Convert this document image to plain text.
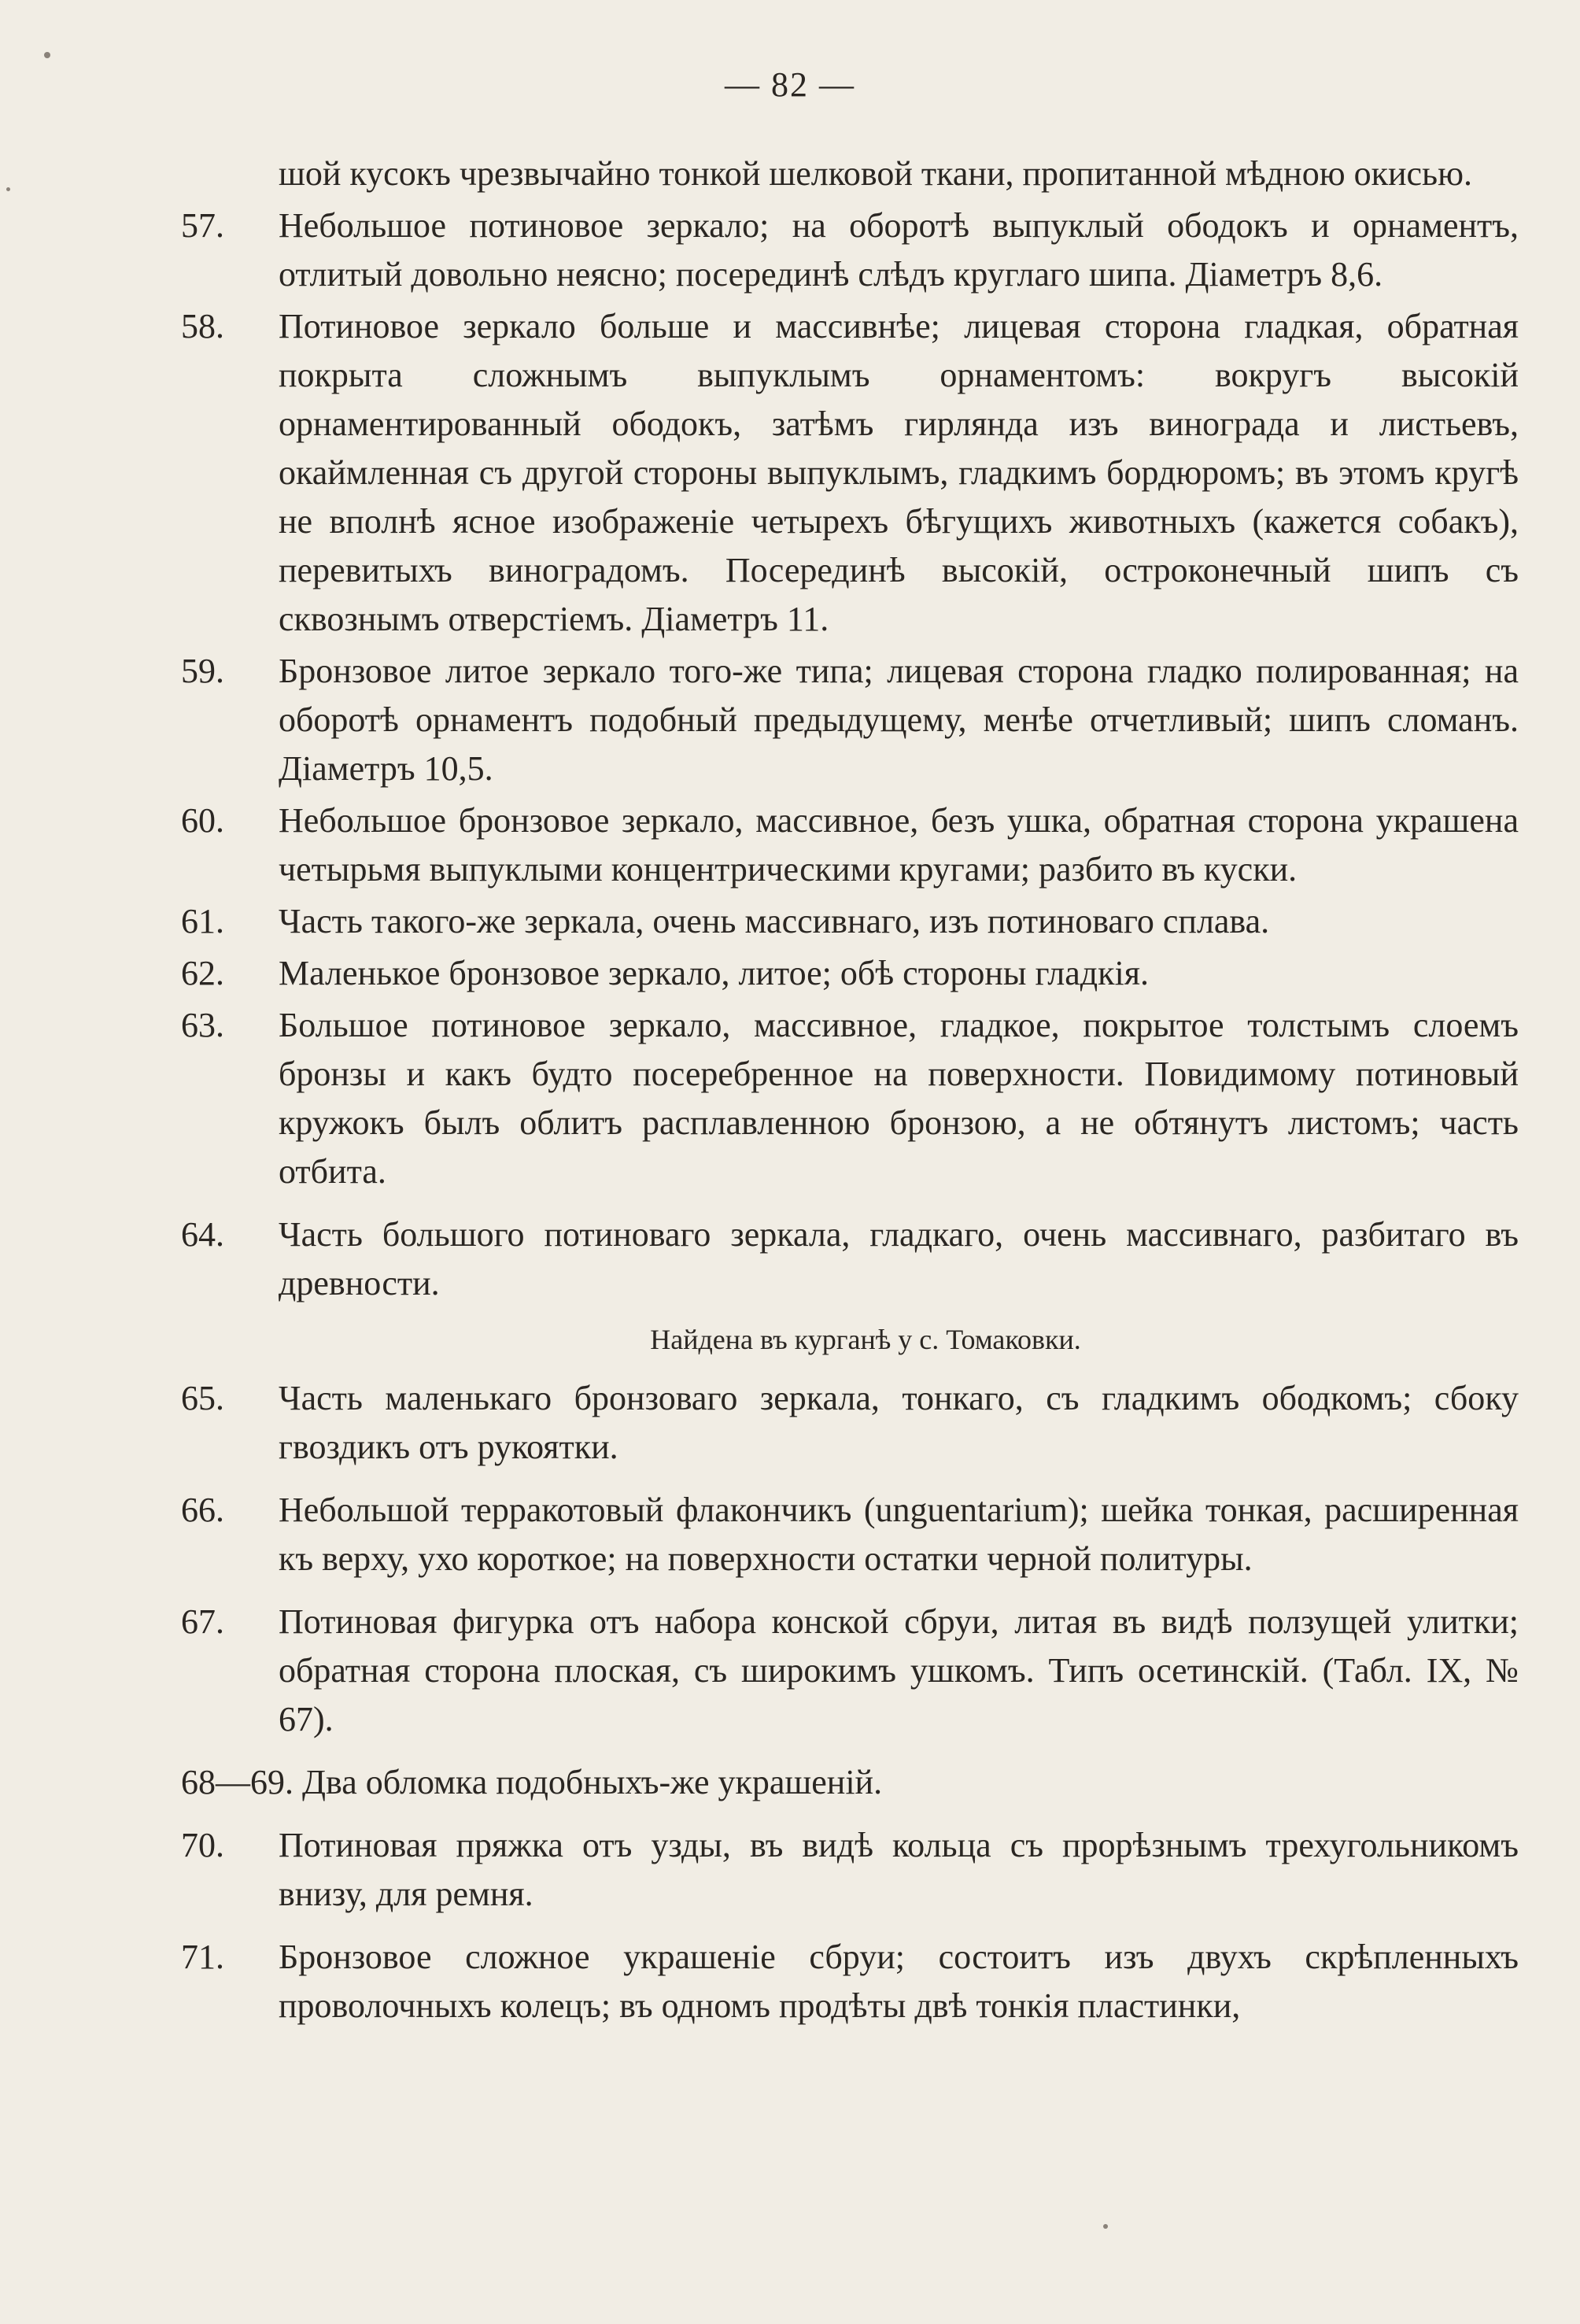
— 82 —

шой кусокъ чрезвычайно тонкой шелковой ткани, пропитанной мѣдною окисью.

57.	Небольшое потиновое зеркало; на оборотѣ выпуклый ободокъ и орнаментъ, отлитый довольно неясно; посерединѣ слѣдъ круглаго шипа. Діаметръ 8,6.

58.	Потиновое зеркало больше и массивнѣе; лицевая сторона гладкая, обратная покрыта сложнымъ выпуклымъ орнаментомъ: вокругъ высокій орнаментированный ободокъ, затѣмъ гирлянда изъ винограда и листьевъ, окаймленная съ другой стороны выпуклымъ, гладкимъ бордюромъ; въ этомъ кругѣ не вполнѣ ясное изображеніе четырехъ бѣгущихъ животныхъ (кажется собакъ), перевитыхъ виноградомъ. Посерединѣ высокій, остроконечный шипъ съ сквознымъ отверстіемъ. Діаметръ 11.

59.	Бронзовое литое зеркало того-же типа; лицевая сторона гладко полированная; на оборотѣ орнаментъ подобный предыдущему, менѣе отчетливый; шипъ сломанъ. Діаметръ 10,5.

60.	Небольшое бронзовое зеркало, массивное, безъ ушка, обратная сторона украшена четырьмя выпуклыми концентрическими кругами; разбито въ куски.

61.	Часть такого-же зеркала, очень массивнаго, изъ потиноваго сплава.

62.	Маленькое бронзовое зеркало, литое; обѣ стороны гладкія.

63.	Большое потиновое зеркало, массивное, гладкое, покрытое толстымъ слоемъ бронзы и какъ будто посеребренное на поверхности. Повидимому потиновый кружокъ былъ облитъ расплавленною бронзою, а не обтянутъ листомъ; часть отбита.

64.	Часть большого потиноваго зеркала, гладкаго, очень массивнаго, разбитаго въ древности.

Найдена въ курганѣ у с. Томаковки.

65.	Часть маленькаго бронзоваго зеркала, тонкаго, съ гладкимъ ободкомъ; сбоку гвоздикъ отъ рукоятки.

66.	Небольшой терракотовый флакончикъ (unguentarium); шейка тонкая, расширенная къ верху, ухо короткое; на поверхности остатки черной политуры.

67.	Потиновая фигурка отъ набора конской сбруи, литая въ видѣ ползущей улитки; обратная сторона плоская, съ широкимъ ушкомъ. Типъ осетинскій. (Табл. IX, № 67).

68—69. Два обломка подобныхъ-же украшеній.

70.	Потиновая пряжка отъ узды, въ видѣ кольца съ прорѣзнымъ трехугольникомъ внизу, для ремня.

71.	Бронзовое сложное украшеніе сбруи; состоитъ изъ двухъ скрѣпленныхъ проволочныхъ колецъ; въ одномъ продѣты двѣ тонкія пластинки,
